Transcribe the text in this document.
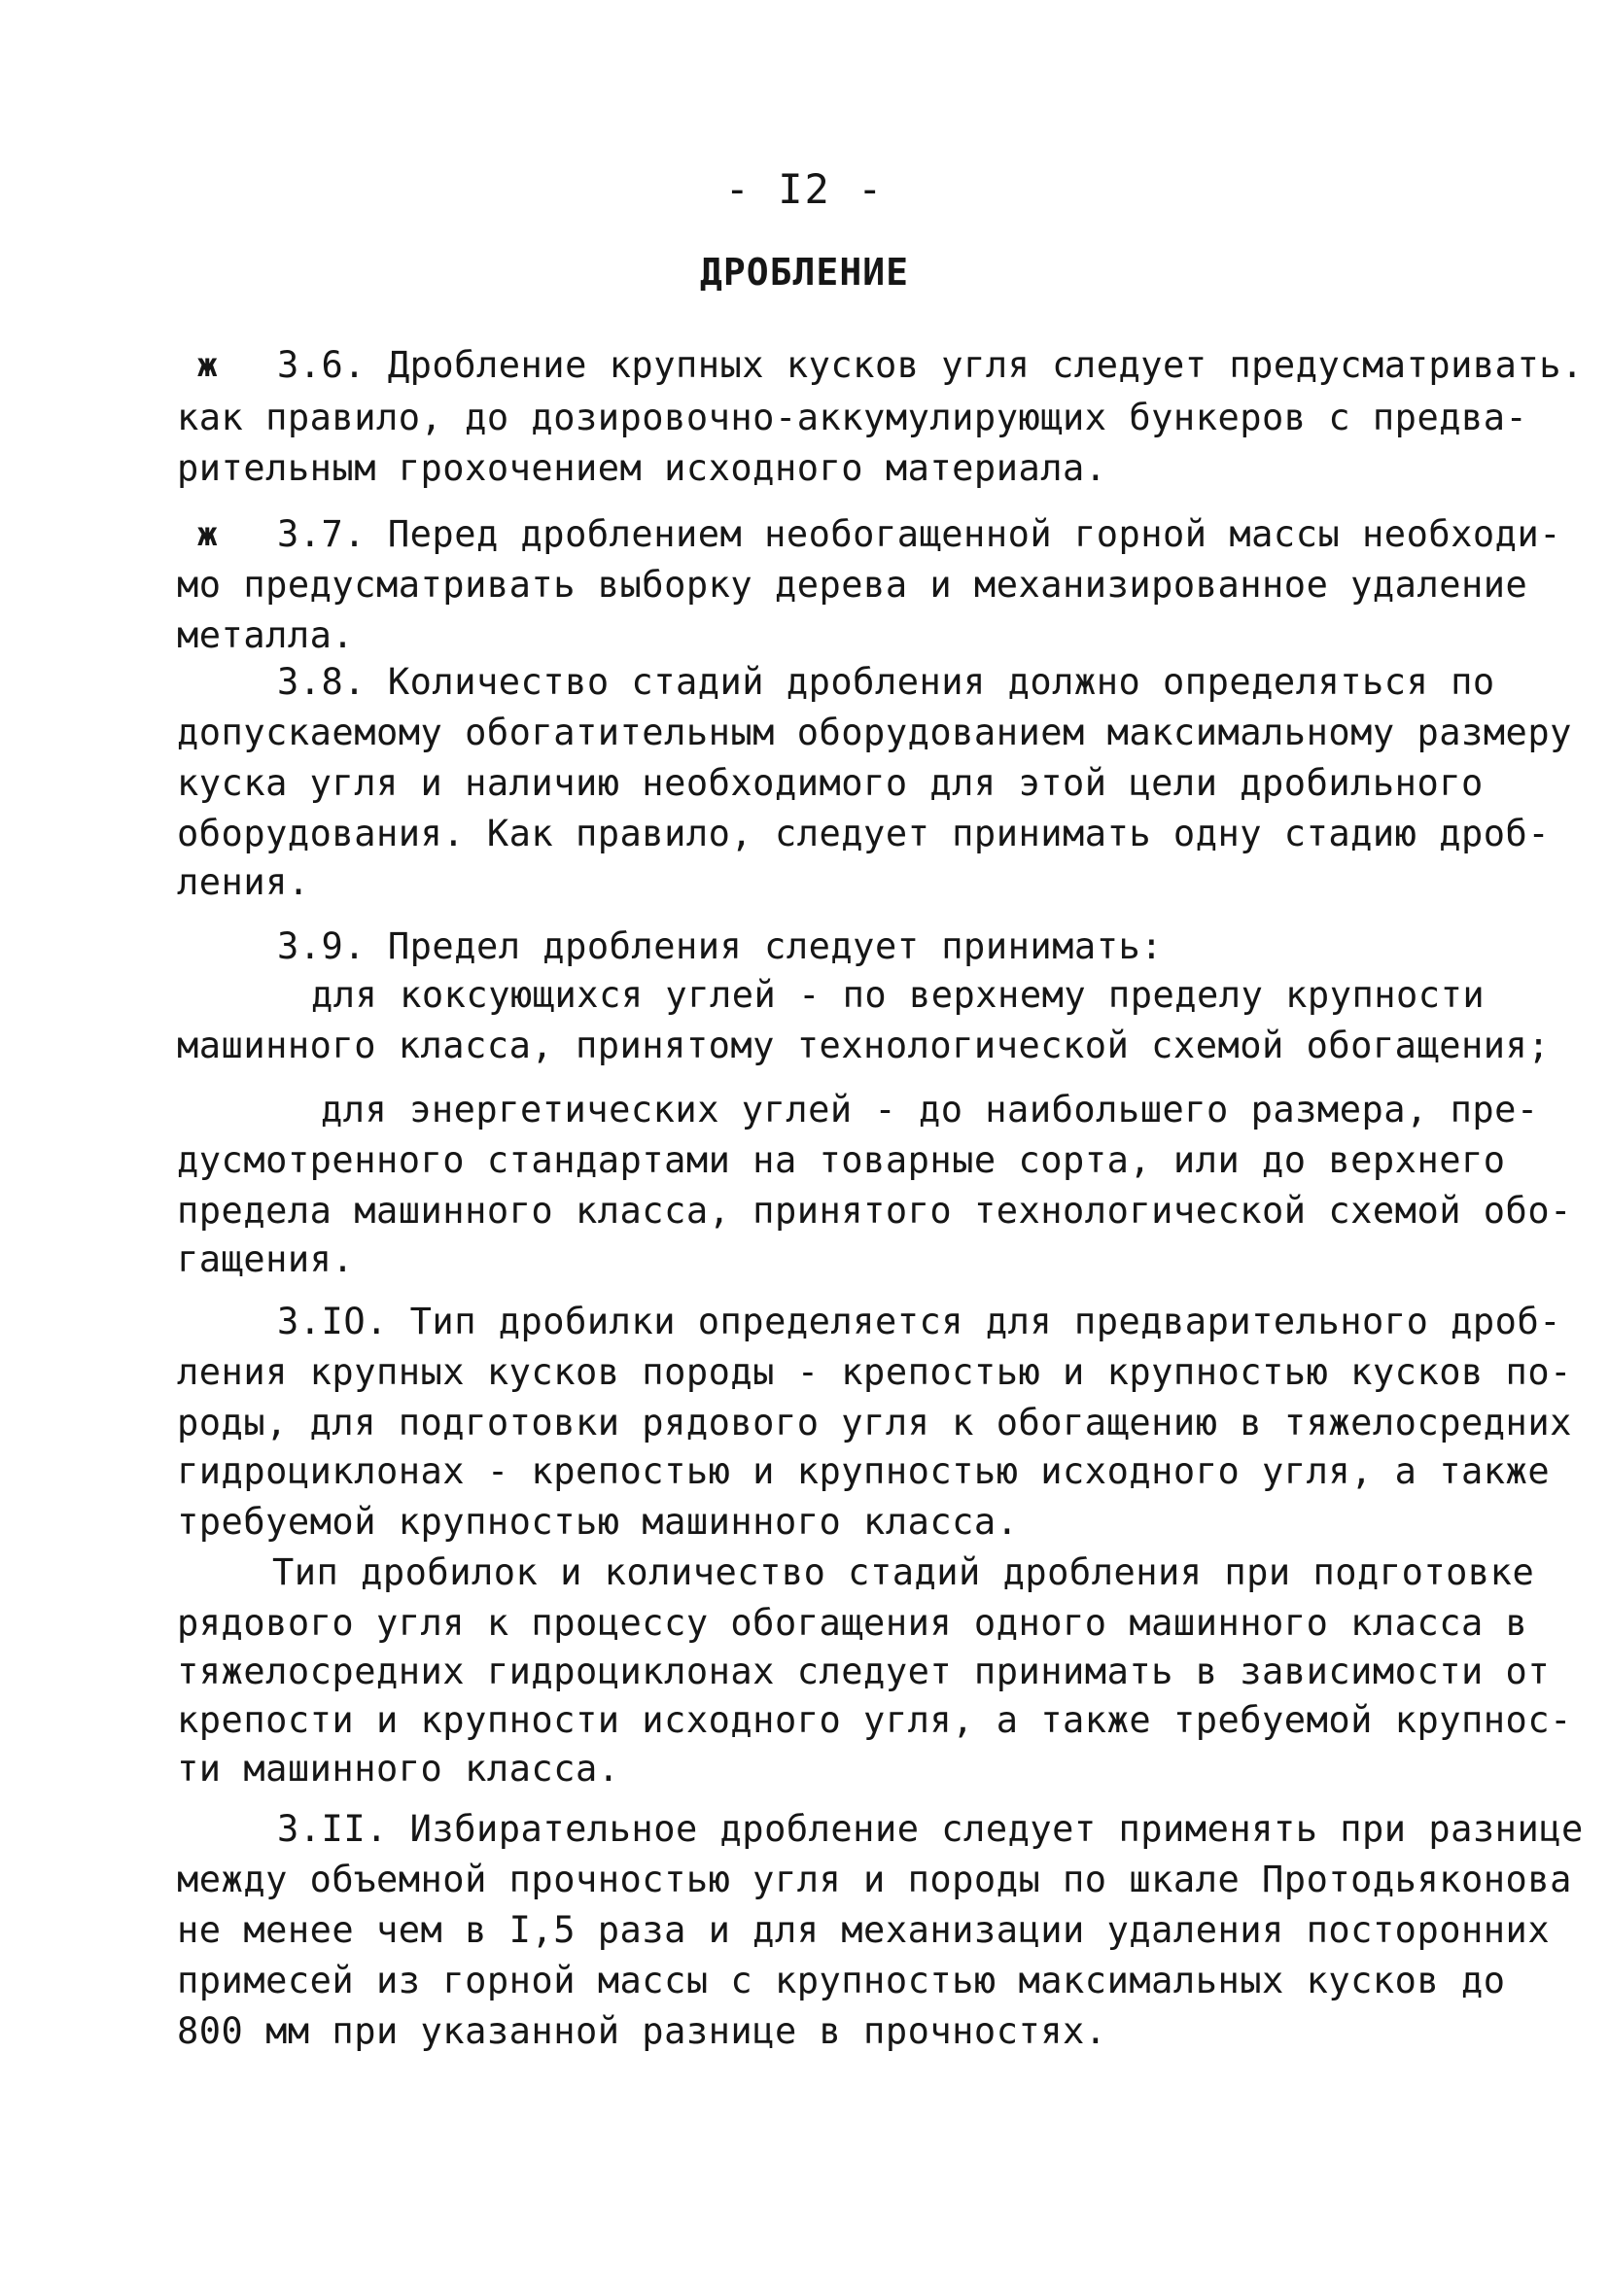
- I2 -
ДРОБЛЕНИЕ
ж
ж
3.6. Дробление крупных кусков угля следует предусматривать.
как правило, до дозировочно-аккумулирующих бункеров с предва-
рительным грохочением исходного материала.
3.7. Перед дроблением необогащенной горной массы необходи-
мо предусматривать выборку дерева и механизированное удаление
металла.
3.8. Количество стадий дробления должно определяться по
допускаемому обогатительным оборудованием максимальному размеру
куска угля и наличию необходимого для этой цели дробильного
оборудования. Как правило, следует принимать одну стадию дроб-
ления.
3.9. Предел дробления следует принимать:
для коксующихся углей - по верхнему пределу крупности
машинного класса, принятому технологической схемой обогащения;
для энергетических углей - до наибольшего размера, пре-
дусмотренного стандартами на товарные сорта, или до верхнего
предела машинного класса, принятого технологической схемой обо-
гащения.
3.IO. Тип дробилки определяется для предварительного дроб-
ления крупных кусков породы - крепостью и крупностью кусков по-
роды, для подготовки рядового угля к обогащению в тяжелосредних
гидроциклонах - крепостью и крупностью исходного угля, а также
требуемой крупностью машинного класса.
Тип дробилок и количество стадий дробления при подготовке
рядового угля к процессу обогащения одного машинного класса в
тяжелосредних гидроциклонах следует принимать в зависимости от
крепости и крупности исходного угля, а также требуемой крупнос-
ти машинного класса.
3.II. Избирательное дробление следует применять при разнице
между объемной прочностью угля и породы по шкале Протодьяконова
не менее чем в I,5 раза и для механизации удаления посторонних
примесей из горной массы с крупностью максимальных кусков до
800 мм при указанной разнице в прочностях.
